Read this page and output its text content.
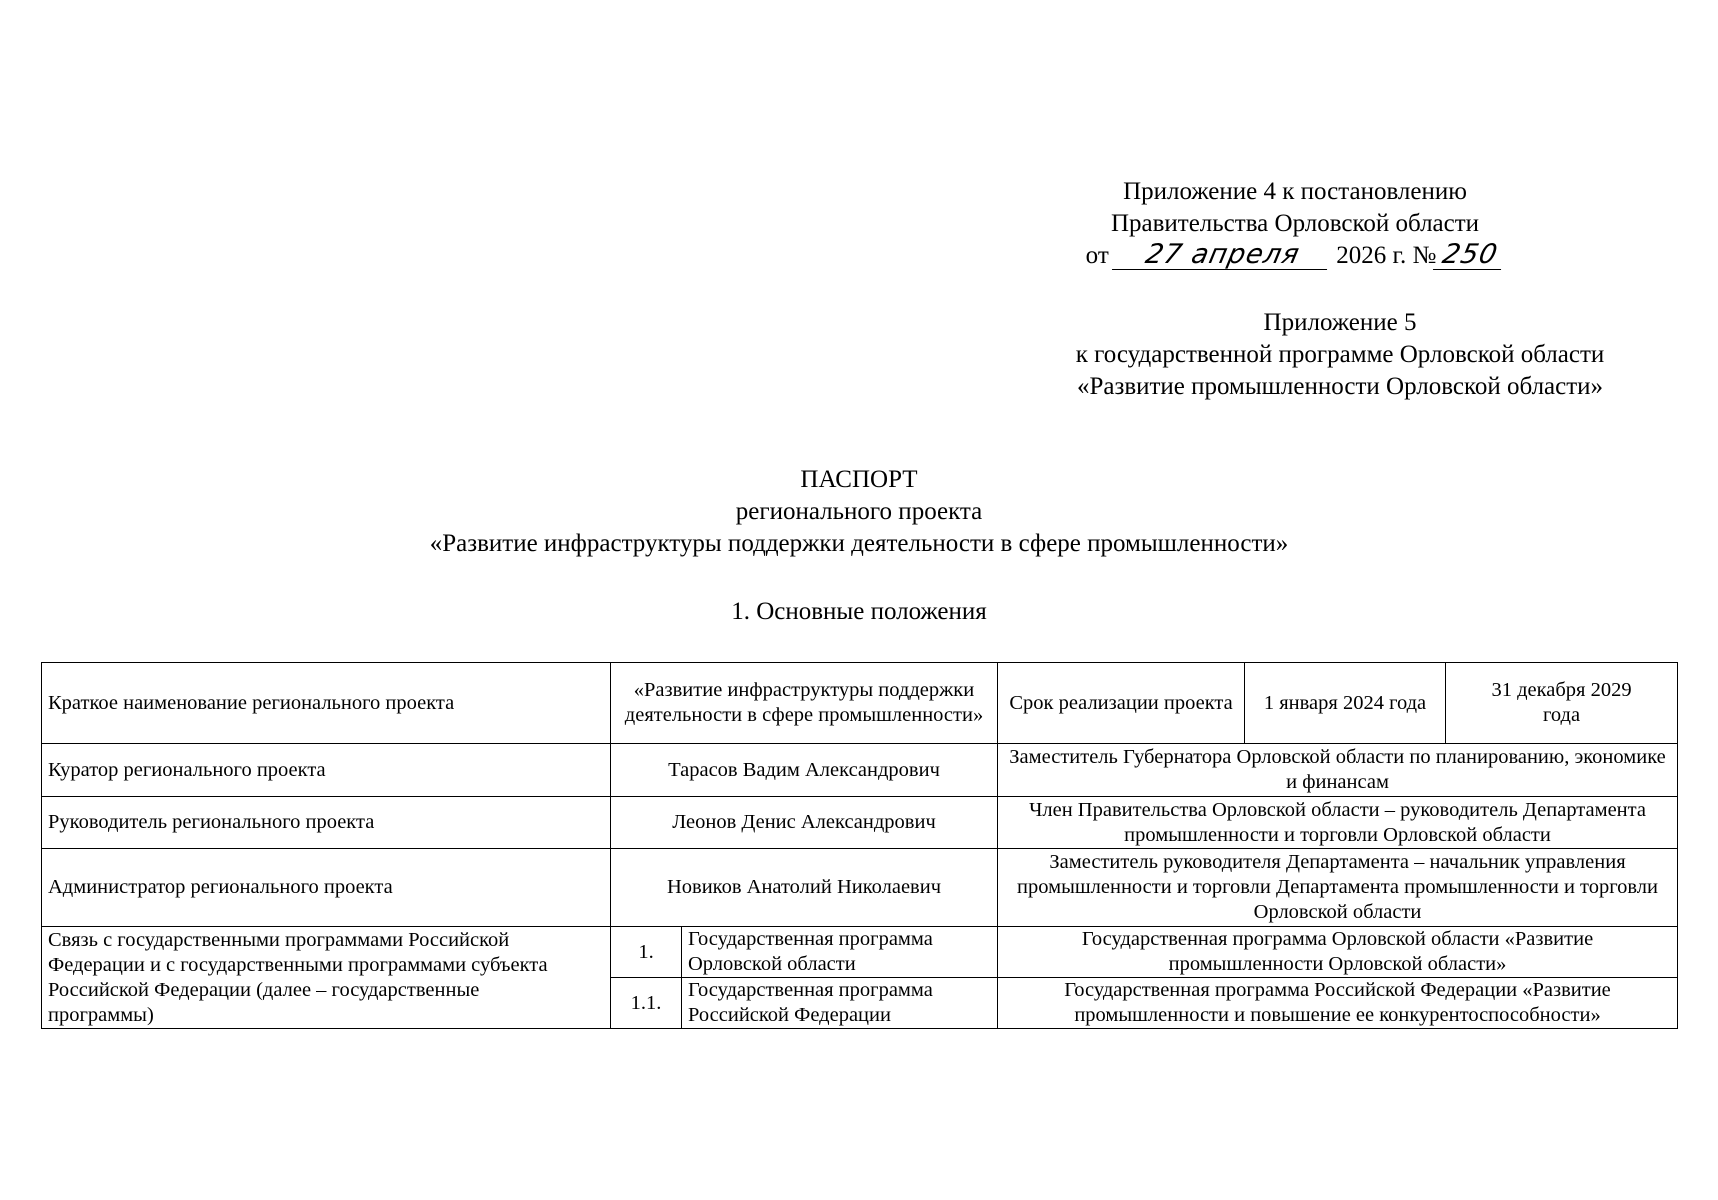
Приложение 4 к постановлению
Правительства Орловской области
от 27 апреля 2026 г. № 250
Приложение 5
к государственной программе Орловской области
«Развитие промышленности Орловской области»
ПАСПОРТ
регионального проекта
«Развитие инфраструктуры поддержки деятельности в сфере промышленности»
1. Основные положения
Краткое наименование регионального проекта	«Развитие инфраструктуры поддержки деятельности в сфере промышленности»		Срок реализации проекта	1 января 2024 года	31 декабря 2029 года
Куратор регионального проекта	Тарасов Вадим Александрович		Заместитель Губернатора Орловской области по планированию, экономике и финансам		
Руководитель регионального проекта	Леонов Денис Александрович		Член Правительства Орловской области – руководитель Департамента промышленности и торговли Орловской области		
Администратор регионального проекта	Новиков Анатолий Николаевич		Заместитель руководителя Департамента – начальник управления промышленности и торговли Департамента промышленности и торговли Орловской области		
Связь с государственными программами Российской Федерации и с государственными программами субъекта Российской Федерации (далее – государственные программы)	1.	Государственная программа Орловской области	Государственная программа Орловской области «Развитие промышленности Орловской области»		
	1.1.	Государственная программа Российской Федерации	Государственная программа Российской Федерации «Развитие промышленности и повышение ее конкурентоспособности»		
